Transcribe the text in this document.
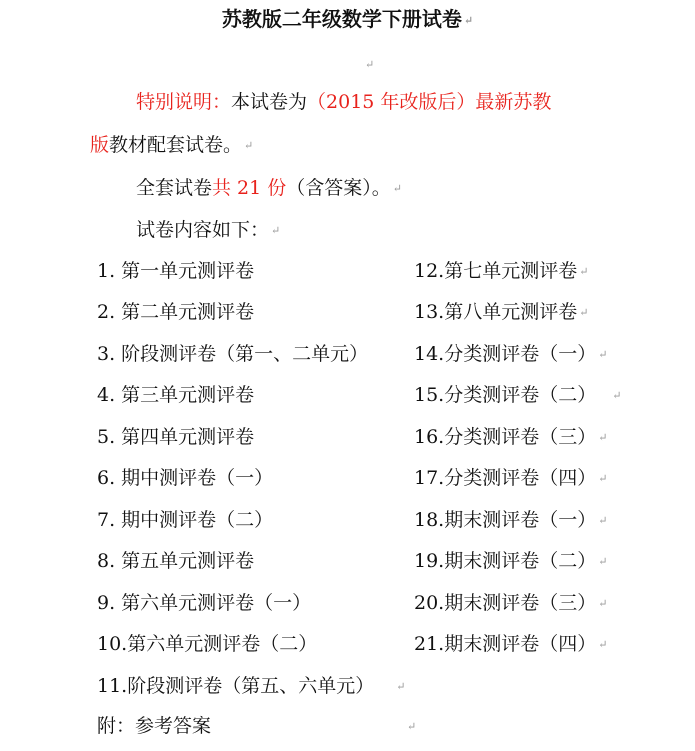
苏教版二年级数学下册试卷 ↵
↵
特别说明：本试卷为（2015 年改版后）最新苏教
版教材配套试卷。 ↵
全套试卷共 21 份（含答案）。 ↵
试卷内容如下： ↵
1. 第一单元测评卷
2. 第二单元测评卷
3. 阶段测评卷（第一、二单元）
4. 第三单元测评卷
5. 第四单元测评卷
6. 期中测评卷（一）
7. 期中测评卷（二）
8. 第五单元测评卷
9. 第六单元测评卷（一）
10.第六单元测评卷（二）
11.阶段测评卷（第五、六单元） ↵
12.第七单元测评卷 ↵
13.第八单元测评卷 ↵
14.分类测评卷（一） ↵
15.分类测评卷（二） ↵
16.分类测评卷（三） ↵
17.分类测评卷（四） ↵
18.期末测评卷（一） ↵
19.期末测评卷（二） ↵
20.期末测评卷（三） ↵
21.期末测评卷（四） ↵
附：参考答案	↵
